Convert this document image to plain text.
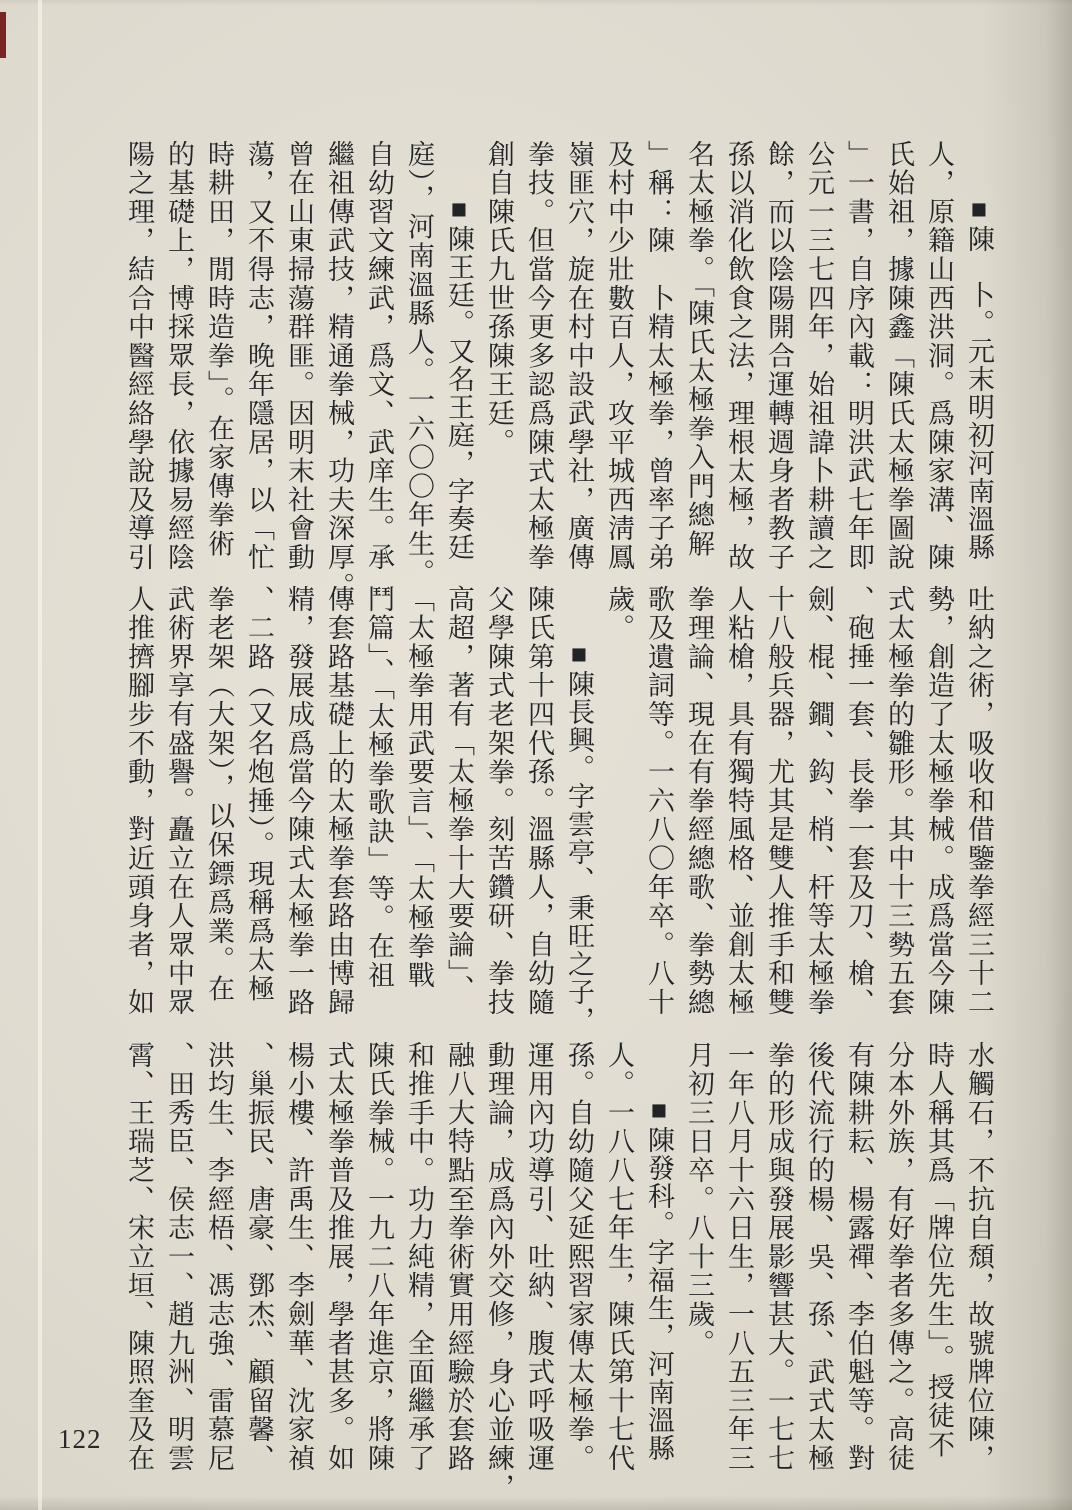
■陳　卜。元末明初河南溫縣
人，原籍山西洪洞。爲陳家溝、陳
氏始祖，據陳鑫「陳氏太極拳圖說
」一書，自序內載：明洪武七年即
公元一三七四年，始祖諱卜耕讀之
餘，而以陰陽開合運轉週身者教子
孫以消化飲食之法，理根太極，故
名太極拳。「陳氏太極拳入門總解
」稱：陳　卜精太極拳，曾率子弟
及村中少壯數百人，攻平城西淸鳳
嶺匪穴，旋在村中設武學社，廣傳
拳技。但當今更多認爲陳式太極拳
創自陳氏九世孫陳王廷。
■陳王廷。又名王庭，字奏廷
庭），河南溫縣人。一六〇〇年生。
自幼習文練武，爲文、武庠生。承
繼祖傳武技，精通拳械，功夫深厚。
曾在山東掃蕩群匪。因明末社會動
蕩，又不得志，晚年隱居，以「忙
時耕田，閒時造拳」。在家傳拳術
的基礎上，博採眾長，依據易經陰
陽之理，結合中醫經絡學說及導引
吐納之術，吸收和借鑒拳經三十二
勢，創造了太極拳械。成爲當今陳
式太極拳的雛形。其中十三勢五套
、砲捶一套、長拳一套及刀、槍、
劍、棍、鐧、鈎、梢、杆等太極拳
十八般兵器，尤其是雙人推手和雙
人粘槍，具有獨特風格、並創太極
拳理論、現在有拳經總歌、拳勢總
歌及遺詞等。一六八〇年卒。八十
歲。
■陳長興。字雲亭、秉旺之子，
陳氏第十四代孫。溫縣人，自幼隨
父學陳式老架拳。刻苦鑽研、拳技
高超，著有「太極拳十大要論」、
「太極拳用武要言」、「太極拳戰
鬥篇」、「太極拳歌訣」等。在祖
傳套路基礎上的太極拳套路由博歸
精，發展成爲當今陳式太極拳一路
、二路（又名炮捶）。現稱爲太極
拳老架（大架），以保鏢爲業。在
武術界享有盛譽。矗立在人眾中眾
人推擠腳步不動，對近頭身者，如
水觸石，不抗自頹，故號牌位陳，
時人稱其爲「牌位先生」。授徒不
分本外族，有好拳者多傳之。高徒
有陳耕耘、楊露禪、李伯魁等。對
後代流行的楊、吳、孫、武式太極
拳的形成與發展影響甚大。一七七
一年八月十六日生，一八五三年三
月初三日卒。八十三歲。
■陳發科。字福生，河南溫縣
人。一八八七年生，陳氏第十七代
孫。自幼隨父延熙習家傳太極拳。
運用內功導引、吐納、腹式呼吸運
動理論，成爲內外交修，身心並練，
融八大特點至拳術實用經驗於套路
和推手中。功力純精，全面繼承了
陳氏拳械。一九二八年進京，將陳
式太極拳普及推展，學者甚多。如
楊小樓、許禹生、李劍華、沈家禎
、巢振民、唐豪、鄧杰、顧留馨、
洪均生、李經梧、馮志強、雷慕尼
、田秀臣、侯志一、趙九洲、明雲
霄、王瑞芝、宋立垣、陳照奎及在
122
